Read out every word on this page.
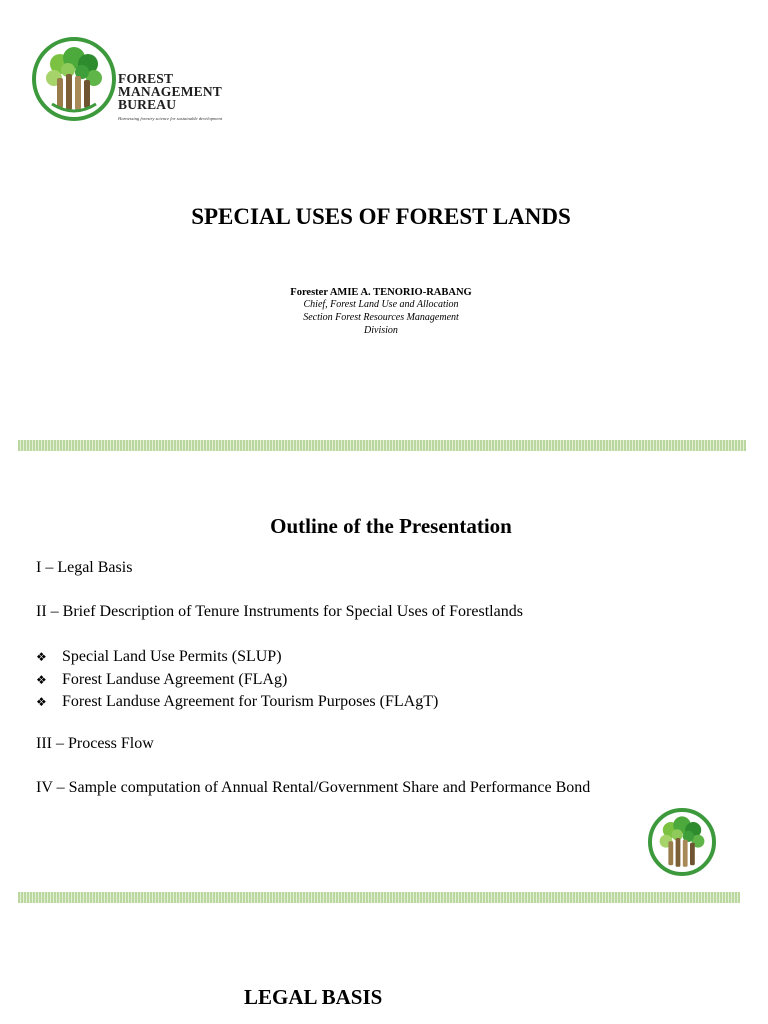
FOREST
MANAGEMENT
BUREAU
Harnessing forestry science for sustainable development
SPECIAL USES OF FOREST LANDS
Forester AMIE A. TENORIO-RABANG
Chief, Forest Land Use and Allocation
Section Forest Resources Management
Division
Outline of the Presentation
I – Legal Basis
II – Brief Description of Tenure Instruments for Special Uses of Forestlands
❖ Special Land Use Permits (SLUP)
❖ Forest Landuse Agreement (FLAg)
❖ Forest Landuse Agreement for Tourism Purposes (FLAgT)
III – Process Flow
IV – Sample computation of Annual Rental/Government Share and Performance Bond
LEGAL BASIS
